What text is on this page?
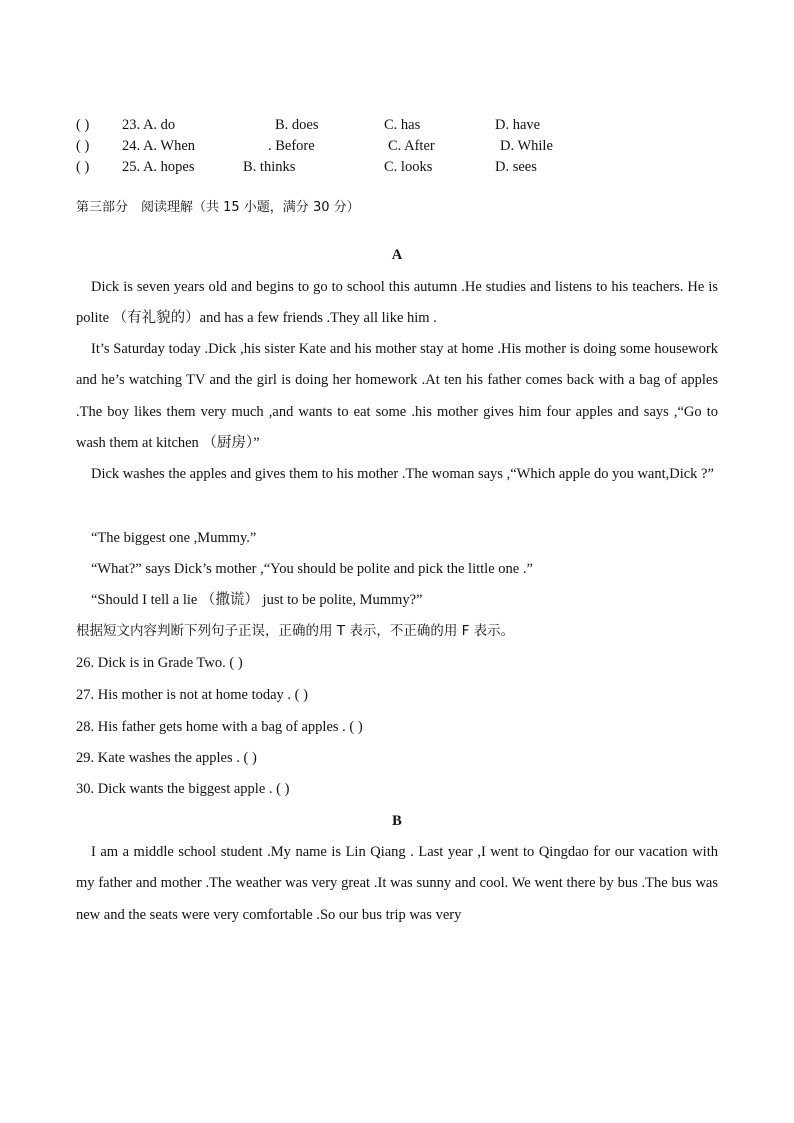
( ) 23. A. do	B. does	C. has	D. have
( ) 24. A. When	. Before	C. After	D. While
( ) 25. A. hopes	B. thinks	C. looks	D. sees
第三部分　阅读理解（共 15 小题，满分 30 分）
A
Dick is seven years old and begins to go to school this autumn .He studies and listens to his teachers. He is polite （有礼貌的）and has a few friends .They all like him .
It’s Saturday today .Dick ,his sister Kate and his mother stay at home .His mother is doing some housework and he’s watching TV and the girl is doing her homework .At ten his father comes back with a bag of apples .The boy likes them very much ,and wants to eat some .his mother gives him four apples and says ,“Go to wash them at kitchen （厨房）”
Dick washes the apples and gives them to his mother .The woman says ,“Which apple do you want,Dick ?”
“The biggest one ,Mummy.”
“What?” says Dick’s mother ,“You should be polite and pick the little one .”
“Should I tell a lie （撒谎） just to be polite, Mummy?”
根据短文内容判断下列句子正误，正确的用 T 表示，不正确的用 F 表示。
26. Dick is in Grade Two. ( )
27. His mother is not at home today . ( )
28. His father gets home with a bag of apples . ( )
29. Kate washes the apples . ( )
30. Dick wants the biggest apple . ( )
B
I am a middle school student .My name is Lin Qiang . Last year ,I went to Qingdao for our vacation with my father and mother .The weather was very great .It was sunny and cool. We went there by bus .The bus was new and the seats were very comfortable .So our bus trip was very
